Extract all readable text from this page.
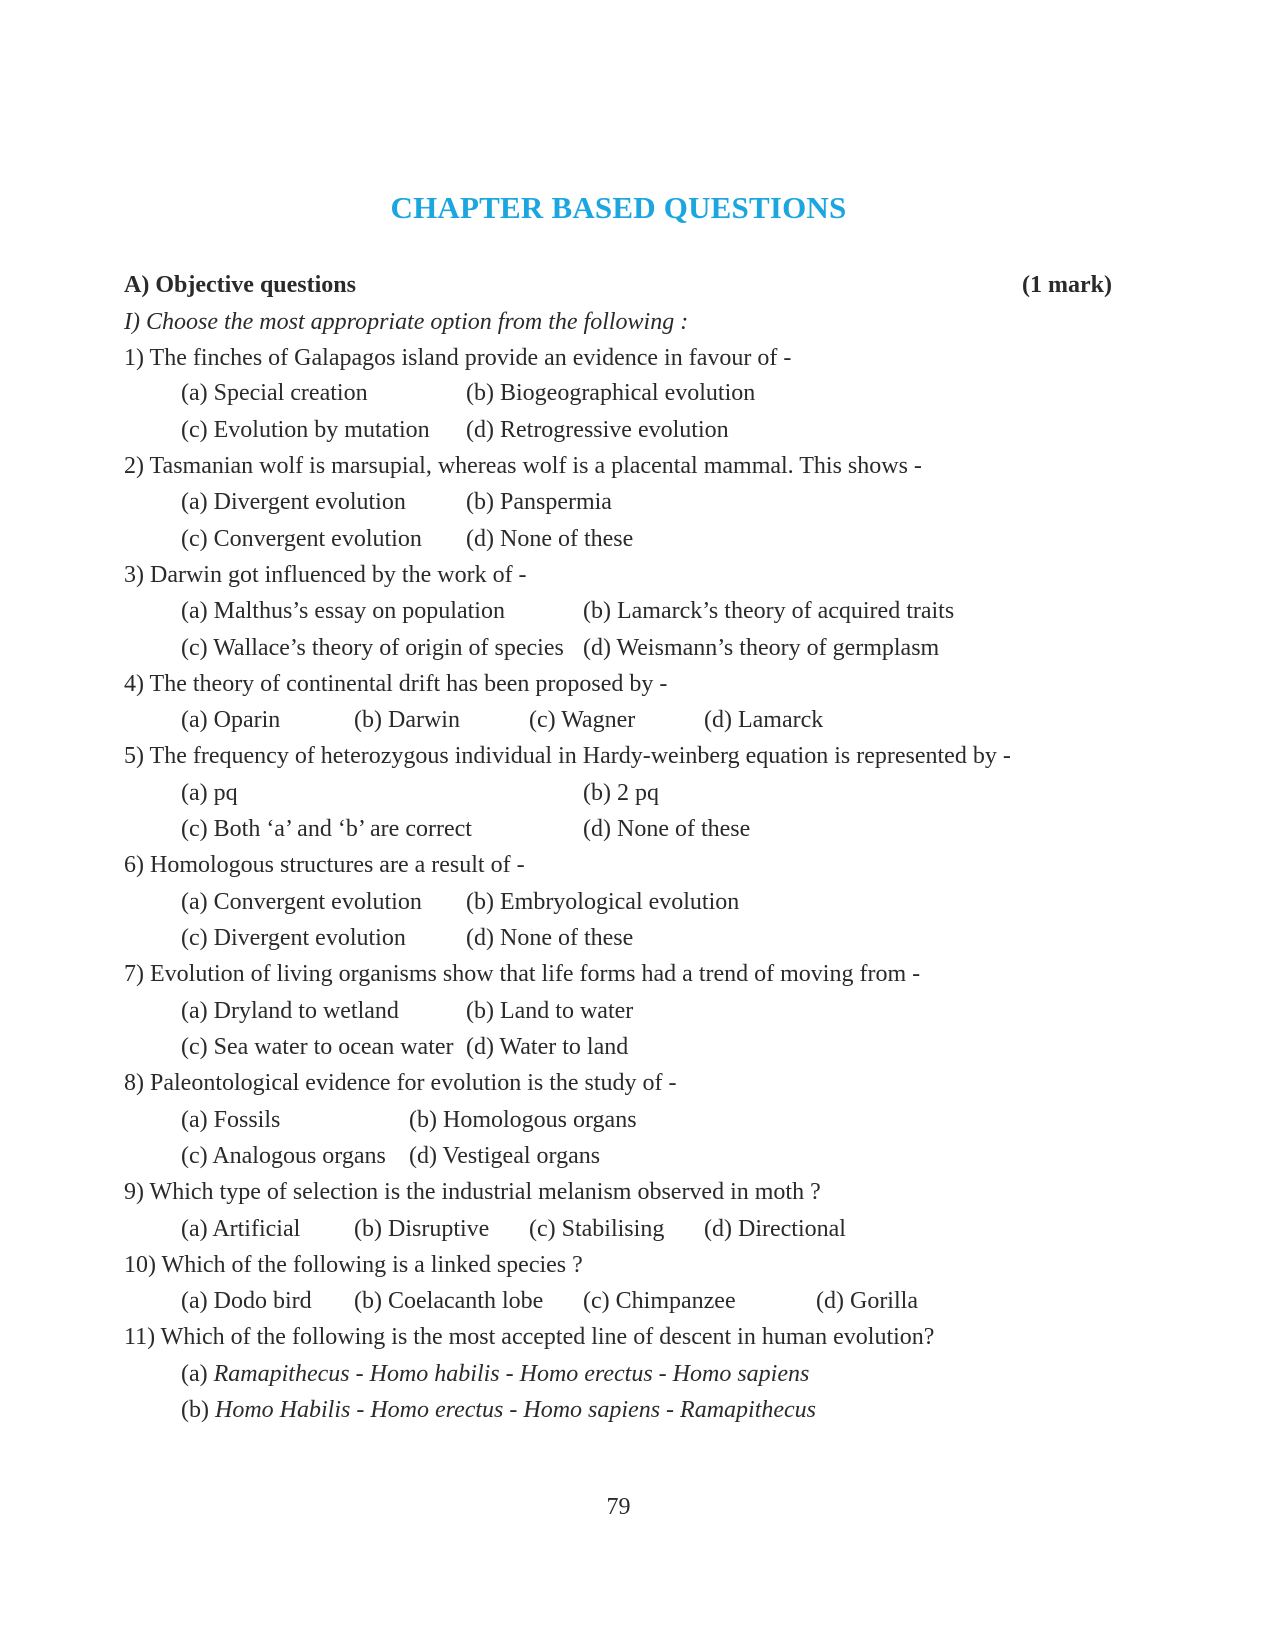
CHAPTER BASED QUESTIONS
A) Objective questions	(1 mark)
I) Choose the most appropriate option from the following :
1) The finches of Galapagos island provide an evidence in favour of -
(a) Special creation	(b) Biogeographical evolution
(c) Evolution by mutation (d) Retrogressive evolution
2) Tasmanian wolf is marsupial, whereas wolf is a placental mammal. This shows -
(a) Divergent evolution	(b) Panspermia
(c) Convergent evolution (d) None of these
3) Darwin got influenced by the work of -
(a) Malthus’s essay on population	(b) Lamarck’s theory of acquired traits
(c) Wallace’s theory of origin of species (d) Weismann’s theory of germplasm
4) The theory of continental drift has been proposed by -
(a) Oparin	(b) Darwin	(c) Wagner	(d) Lamarck
5) The frequency of heterozygous individual in Hardy-weinberg equation is represented by -
(a) pq	(b) 2 pq
(c) Both ‘a’ and ‘b’ are correct	(d) None of these
6) Homologous structures are a result of -
(a) Convergent evolution (b) Embryological evolution
(c) Divergent evolution	(d) None of these
7) Evolution of living organisms show that life forms had a trend of moving from -
(a) Dryland to wetland	(b) Land to water
(c) Sea water to ocean water (d) Water to land
8) Paleontological evidence for evolution is the study of -
(a) Fossils	(b) Homologous organs
(c) Analogous organs (d) Vestigeal organs
9) Which type of selection is the industrial melanism observed in moth ?
(a) Artificial (b) Disruptive (c) Stabilising (d) Directional
10) Which of the following is a linked species ?
(a) Dodo bird (b) Coelacanth lobe (c) Chimpanzee	(d) Gorilla
11) Which of the following is the most accepted line of descent in human evolution?
(a) Ramapithecus - Homo habilis - Homo erectus - Homo sapiens
(b) Homo Habilis - Homo erectus - Homo sapiens - Ramapithecus
79
